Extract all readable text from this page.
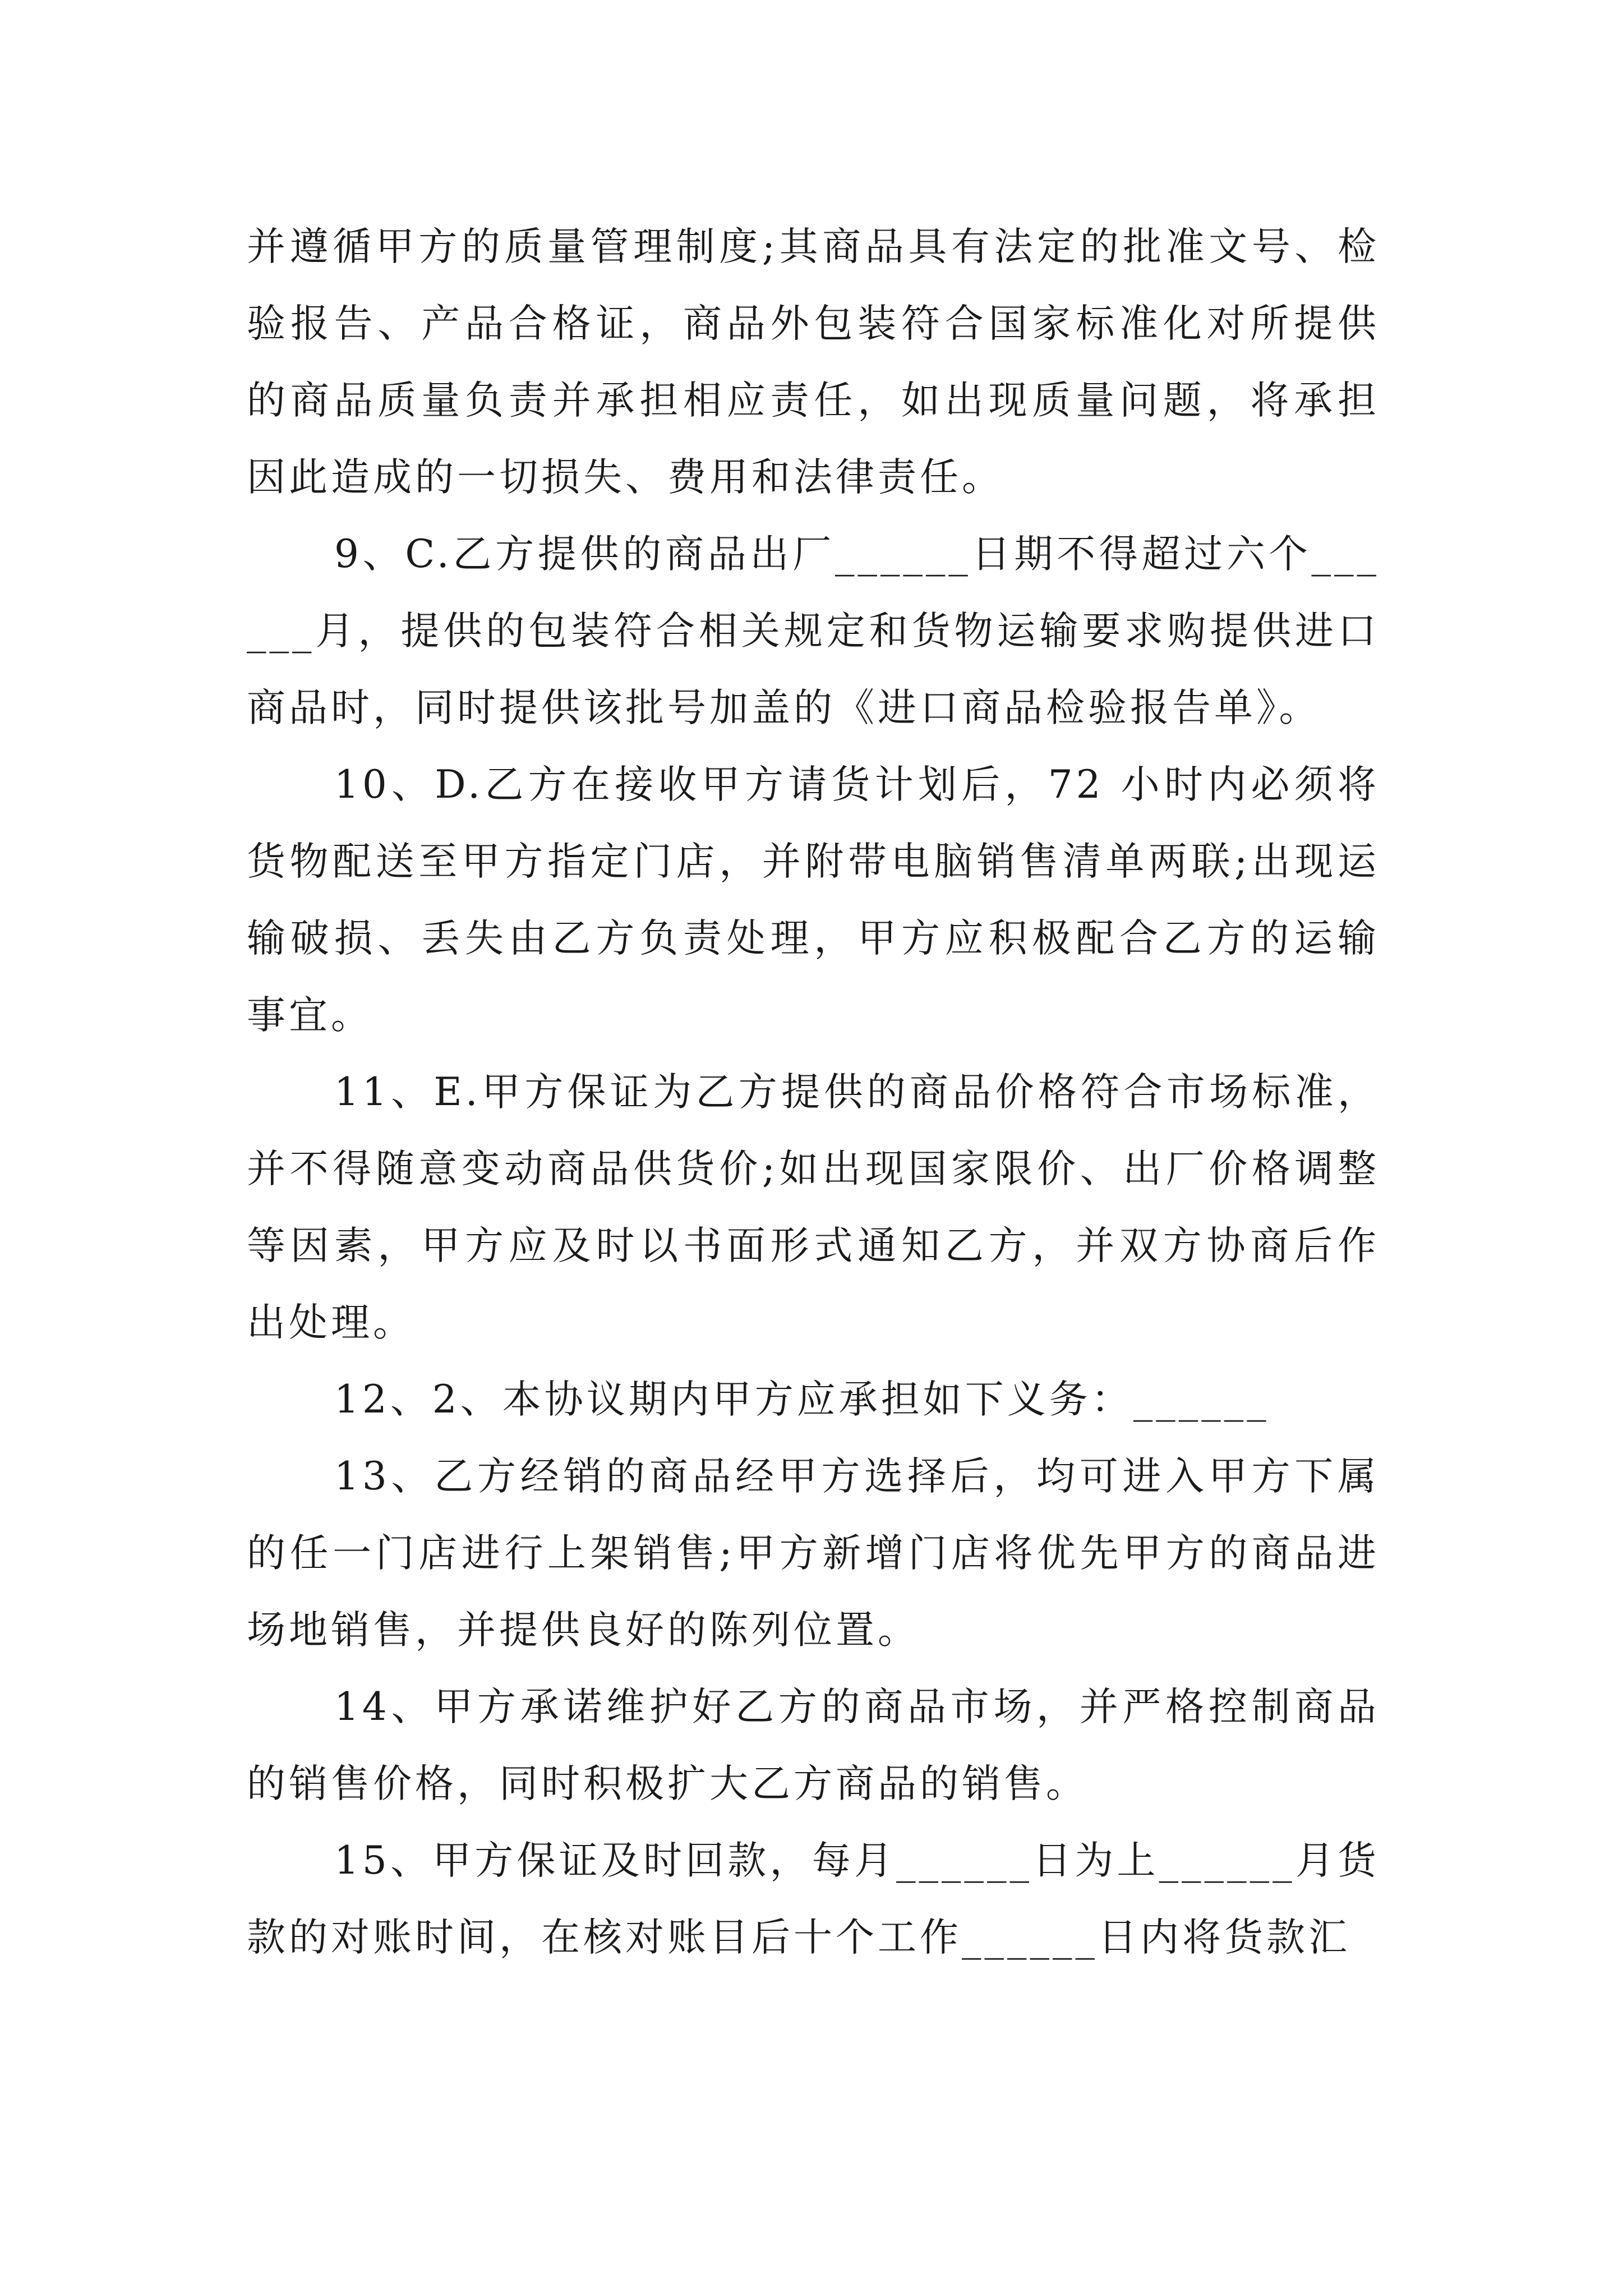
并遵循甲方的质量管理制度;其商品具有法定的批准文号、检验报告、产品合格证，商品外包装符合国家标准化对所提供的商品质量负责并承担相应责任，如出现质量问题，将承担因此造成的一切损失、费用和法律责任。

9、C.乙方提供的商品出厂______日期不得超过六个______月，提供的包装符合相关规定和货物运输要求购提供进口商品时，同时提供该批号加盖的《进口商品检验报告单》。

10、D.乙方在接收甲方请货计划后，72 小时内必须将货物配送至甲方指定门店，并附带电脑销售清单两联;出现运输破损、丢失由乙方负责处理，甲方应积极配合乙方的运输事宜。

11、E.甲方保证为乙方提供的商品价格符合市场标准，并不得随意变动商品供货价;如出现国家限价、出厂价格调整等因素，甲方应及时以书面形式通知乙方，并双方协商后作出处理。

12、2、本协议期内甲方应承担如下义务：______

13、乙方经销的商品经甲方选择后，均可进入甲方下属的任一门店进行上架销售;甲方新增门店将优先甲方的商品进场地销售，并提供良好的陈列位置。

14、甲方承诺维护好乙方的商品市场，并严格控制商品的销售价格，同时积极扩大乙方商品的销售。

15、甲方保证及时回款，每月______日为上______月货款的对账时间，在核对账目后十个工作______日内将货款汇
